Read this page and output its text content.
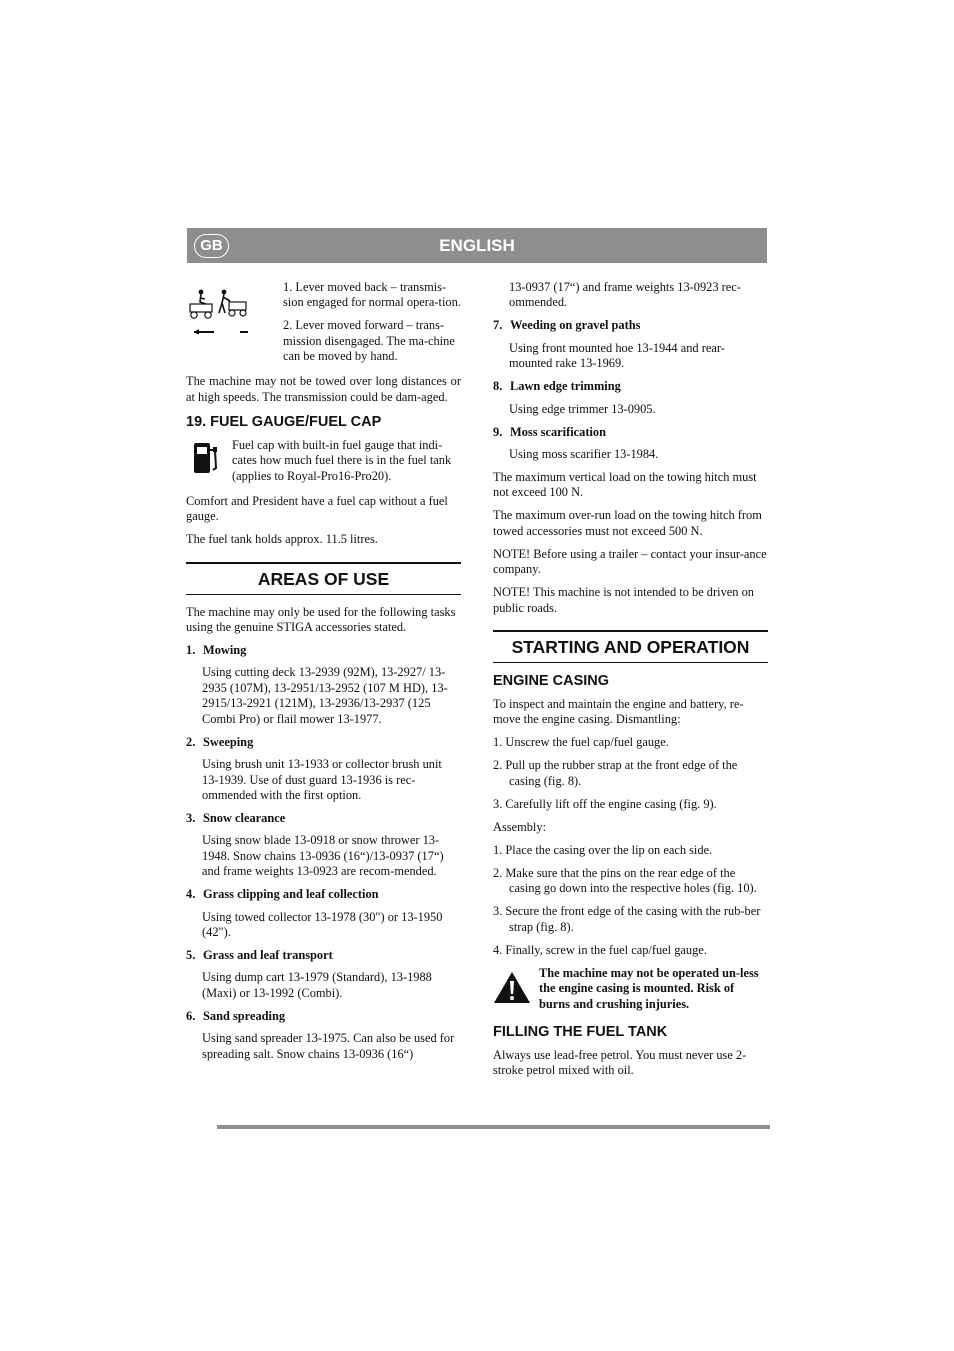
ENGLISH
GB

1. Lever moved back – transmis-sion engaged for normal opera-tion.

2. Lever moved forward – trans-mission disengaged. The ma-chine can be moved by hand.

The machine may not be towed over long distances or at high speeds. The transmission could be dam-aged.

19. FUEL GAUGE/FUEL CAP

Fuel cap with built-in fuel gauge that indi-cates how much fuel there is in the fuel tank (applies to Royal-Pro16-Pro20).

Comfort and President have a fuel cap without a fuel gauge.

The fuel tank holds approx. 11.5 litres.

AREAS OF USE

The machine may only be used for the following tasks using the genuine STIGA accessories stated.

1. Mowing

Using cutting deck 13-2939 (92M), 13-2927/ 13-2935 (107M), 13-2951/13-2952 (107 M HD), 13-2915/13-2921 (121M), 13-2936/13-2937 (125 Combi Pro) or flail mower 13-1977.

2. Sweeping

Using brush unit 13-1933 or collector brush unit 13-1939. Use of dust guard 13-1936 is rec-ommended with the first option.

3. Snow clearance

Using snow blade 13-0918 or snow thrower 13-1948. Snow chains 13-0936 (16“)/13-0937 (17“) and frame weights 13-0923 are recom-mended.

4. Grass clipping and leaf collection

Using towed collector 13-1978 (30") or 13-1950 (42").

5. Grass and leaf transport

Using dump cart 13-1979 (Standard), 13-1988 (Maxi) or 13-1992 (Combi).

6. Sand spreading

Using sand spreader 13-1975. Can also be used for spreading salt. Snow chains 13-0936 (16“)

13-0937 (17“) and frame weights 13-0923 rec-ommended.

7. Weeding on gravel paths

Using front mounted hoe 13-1944 and rear-mounted rake 13-1969.

8. Lawn edge trimming

Using edge trimmer 13-0905.

9. Moss scarification

Using moss scarifier 13-1984.

The maximum vertical load on the towing hitch must not exceed 100 N.

The maximum over-run load on the towing hitch from towed accessories must not exceed 500 N.

NOTE! Before using a trailer – contact your insur-ance company.

NOTE! This machine is not intended to be driven on public roads.

STARTING AND OPERATION
ENGINE CASING

To inspect and maintain the engine and battery, re-move the engine casing. Dismantling:

1. Unscrew the fuel cap/fuel gauge.

2. Pull up the rubber strap at the front edge of the casing (fig. 8).

3. Carefully lift off the engine casing (fig. 9).

Assembly:

1. Place the casing over the lip on each side.

2. Make sure that the pins on the rear edge of the casing go down into the respective holes (fig. 10).

3. Secure the front edge of the casing with the rub-ber strap (fig. 8).

4. Finally, screw in the fuel cap/fuel gauge.

The machine may not be operated un-less the engine casing is mounted. Risk of burns and crushing injuries.

FILLING THE FUEL TANK

Always use lead-free petrol. You must never use 2-stroke petrol mixed with oil.
